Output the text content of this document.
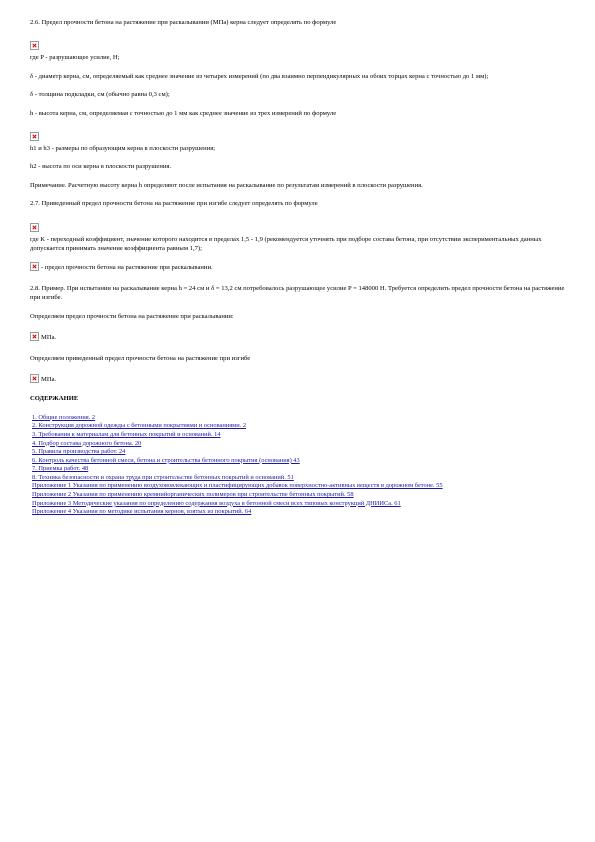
2.6. Предел прочности бетона на растяжение при раскалывании (МПа) керна следует определять по формуле

где P - разрушающее усилие, Н;

δ - диаметр керна, см, определяемый как среднее значение из четырех измерений (по два взаимно перпендикулярных на обоих торцах керна с точностью до 1 мм);

δ - толщина подкладки, см (обычно равна 0,3 см);

h - высота керна, см, определяемая с точностью до 1 мм как среднее значение из трех измерений по формуле

h1 и h3 - размеры по образующим керна в плоскости разрушения;

h2 - высота по оси керна в плоскости разрушения.

Примечание. Расчетную высоту керна h определяют после испытания на раскалывание по результатам измерений в плоскости разрушения.

2.7. Приведенный предел прочности бетона на растяжение при изгибе следует определять по формуле

где K - переходный коэффициент, значение которого находится в пределах 1,5 - 1,9 (рекомендуется уточнять при подборе состава бетона, при отсутствии экспериментальных данных допускается принимать значение коэффициента равным 1,7);

- предел прочности бетона на растяжение при раскалывании.

2.8. Пример. При испытании на раскалывание керна h = 24 см и δ = 13,2 см потребовалось разрушающее усилие P = 148000 Н. Требуется определить предел прочности бетона на растяжение при изгибе.

Определяем предел прочности бетона на растяжение при раскалывании:

МПа.

Определяем приведенный предел прочности бетона на растяжение при изгибе

МПа.

СОДЕРЖАНИЕ

1. Общие положения. 2
2. Конструкция дорожной одежды с бетонными покрытиями и основаниями. 2
3. Требования к материалам для бетонных покрытий и оснований. 14
4. Подбор состава дорожного бетона. 20
5. Правила производства работ. 24
6. Контроль качества бетонной смеси, бетона и строительства бетонного покрытия (основания) 43
7. Приемка работ. 48
8. Техника безопасности и охрана труда при строительстве бетонных покрытий и оснований. 51
Приложение 1 Указания по применению воздухововлекающих и пластифицирующих добавок поверхностно-активных веществ в дорожном бетоне. 55
Приложение 2 Указания по применению кремнийорганических полимеров при строительстве бетонных покрытий. 58
Приложение 3 Методические указания по определению содержания воздуха в бетонной смеси всех типовых конструкций ДНИИСа. 61
Приложение 4 Указания по методике испытания кернов, взятых из покрытий. 64
